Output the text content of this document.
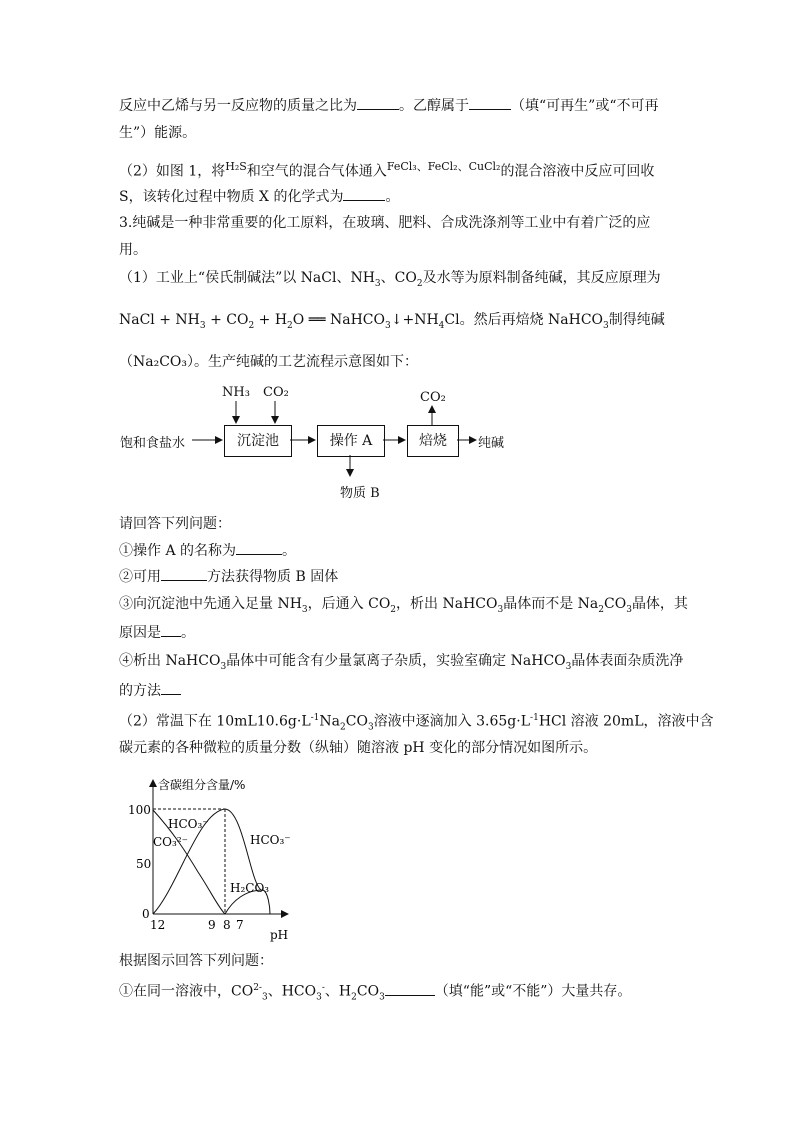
反应中乙烯与另一反应物的质量之比为	。乙醇属于	（填“可再生”或“不可再
生”）能源。
（2）如图 1，将$^{H_2S}$和空气的混合气体通入$^{FeCl_3、FeCl_2、CuCl_2}$的混合溶液中反应可回收
S，该转化过程中物质 X 的化学式为	。
3.纯碱是一种非常重要的化工原料，在玻璃、肥料、合成洗涤剂等工业中有着广泛的应
用。
（1）工业上“侯氏制碱法”以 NaCl、$NH_3$、$CO_2$及水等为原料制备纯碱，其反应原理为
NaCl + $NH_3 + CO_2 + H_2O$ ══ $NaHCO_3↓+NH_4Cl$。然后再焙烧 NaHCO$_3$制得纯碱
（Na₂CO₃）。生产纯碱的工艺流程示意图如下：
饱和食盐水	沉淀池	操作 A	焙烧	纯碱
NH₃ CO₂	CO₂
物质 B
请回答下列问题：
①操作 A 的名称为	。
②可用	方法获得物质 B 固体
③向沉淀池中先通入足量 $NH_3$，后通入 $CO_2$，析出 NaHCO$_3$晶体而不是 $Na_2CO_3$晶体，其
原因是 。
④析出 NaHCO$_3$晶体中可能含有少量氯离子杂质，实验室确定 NaHCO$_3$晶体表面杂质洗净
的方法
（2）常温下在 $10mL10.6g\cdot L^{-1}Na_2CO_3$溶液中逐滴加入 $3.65g\cdot L^{-1}HCl$ 溶液 20mL，溶液中含
碳元素的各种微粒的质量分数（纵轴）随溶液 pH 变化的部分情况如图所示。
含碳组分含量/%
pH
100
50
0
12	9 8 7
HCO₃⁻
CO₃²⁻	HCO₃⁻
H₂CO₃
根据图示回答下列问题：
①在同一溶液中，$CO^{2-}_3$、$HCO_3^-$、$H_2CO_3$	（填“能”或“不能”）大量共存。
